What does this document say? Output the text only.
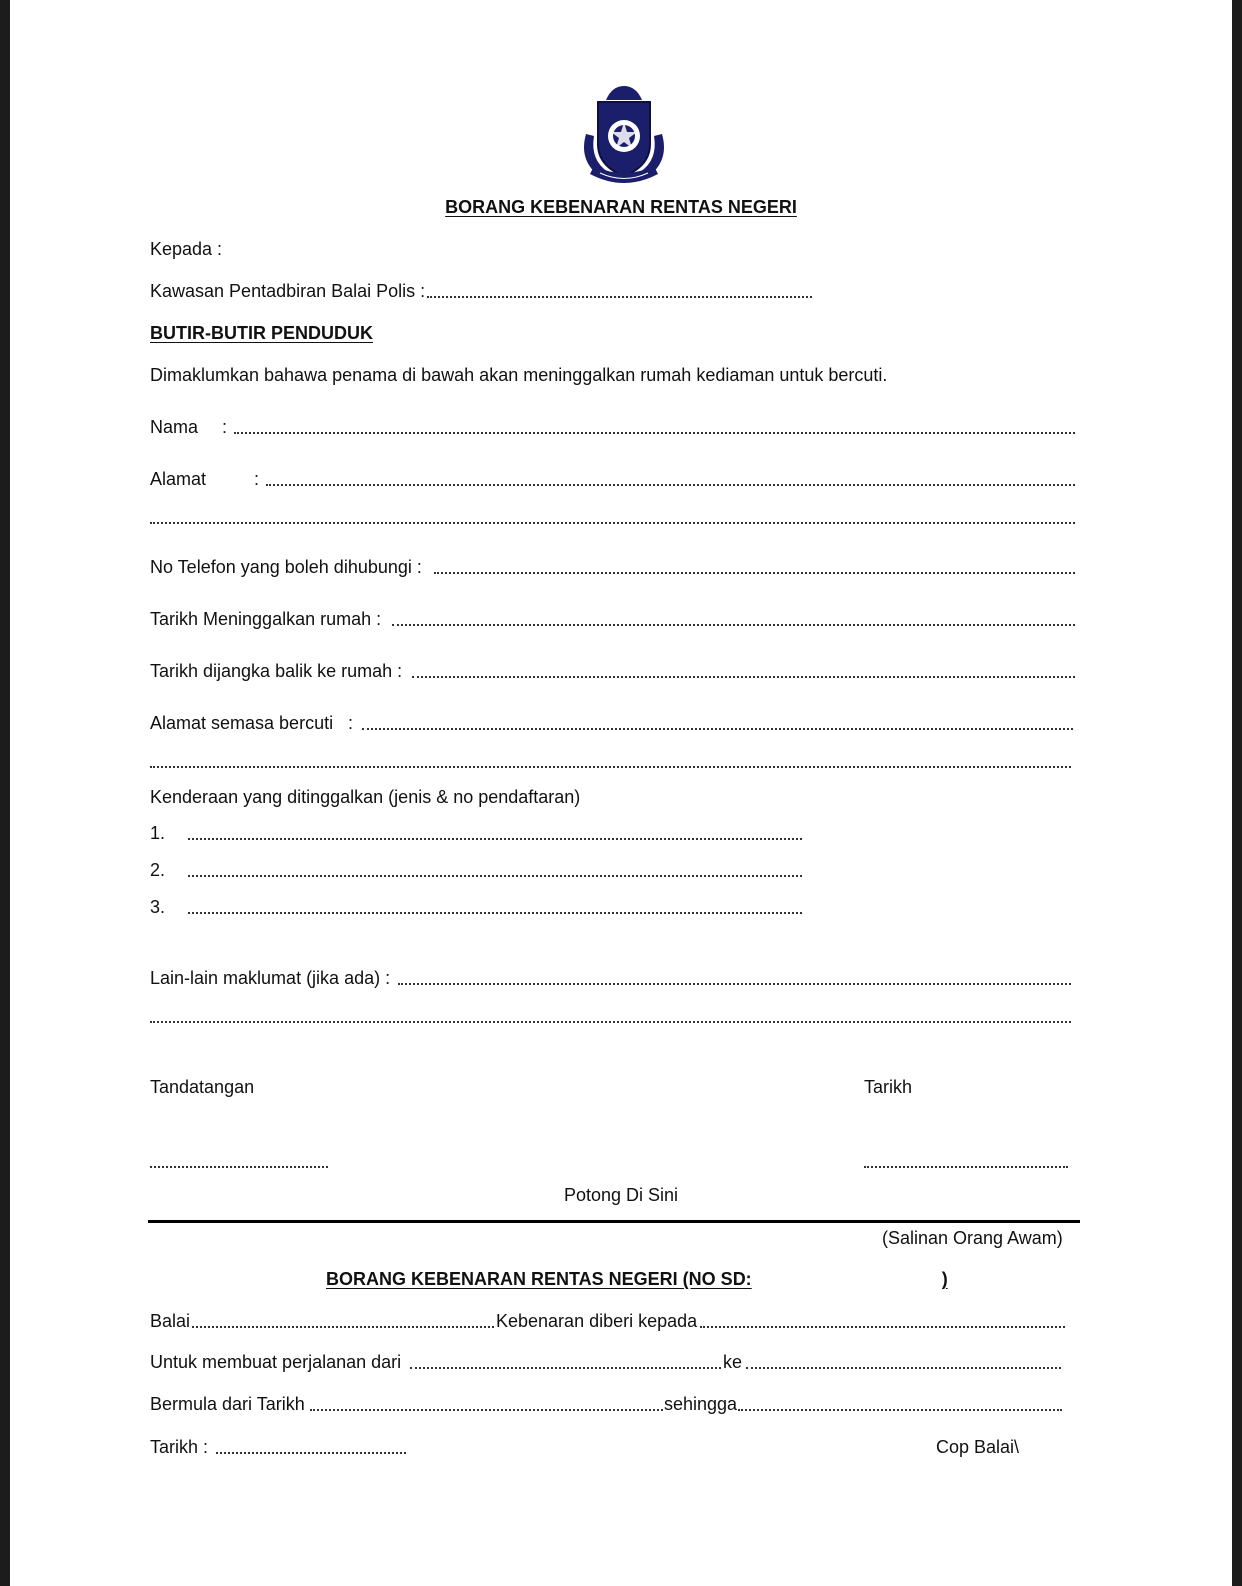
BORANG KEBENARAN RENTAS NEGERI
Kepada :
Kawasan Pentadbiran Balai Polis :
BUTIR-BUTIR PENDUDUK
Dimaklumkan bahawa penama di bawah akan meninggalkan rumah kediaman untuk bercuti.
Nama :
Alamat	:
No Telefon yang boleh dihubungi :
Tarikh Meninggalkan rumah :
Tarikh dijangka balik ke rumah :
Alamat semasa bercuti :
Kenderaan yang ditinggalkan (jenis & no pendaftaran)
1.
2.
3.
Lain-lain maklumat (jika ada) :
Tandatangan	Tarikh
Potong Di Sini
(Salinan Orang Awam)
BORANG KEBENARAN RENTAS NEGERI (NO SD:	)
Balai	Kebenaran diberi kepada
Untuk membuat perjalanan dari	ke
Bermula dari Tarikh	sehingga
Tarikh :	Cop Balai\
